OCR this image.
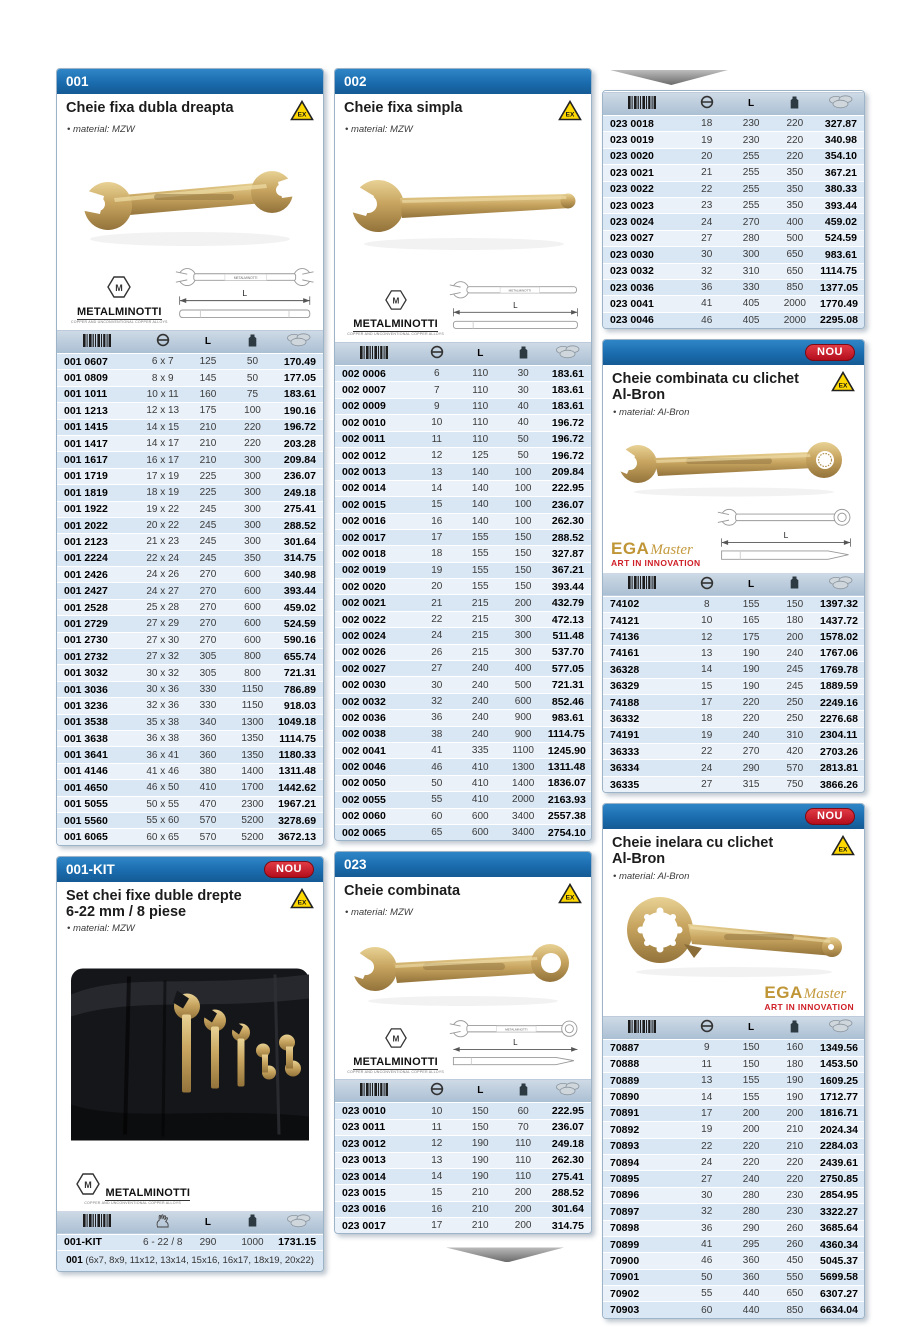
001
Cheie fixa dubla dreapta	EX
• material: MZW
M
METALMINOTTI
COPPER AND UNCONVENTIONAL COPPER ALLOYS
METALMINOTTI
L
		L		
001 0607	6 x 7	125	50	170.49
001 0809	8 x 9	145	50	177.05
001 1011	10 x 11	160	75	183.61
001 1213	12 x 13	175	100	190.16
001 1415	14 x 15	210	220	196.72
001 1417	14 x 17	210	220	203.28
001 1617	16 x 17	210	300	209.84
001 1719	17 x 19	225	300	236.07
001 1819	18 x 19	225	300	249.18
001 1922	19 x 22	245	300	275.41
001 2022	20 x 22	245	300	288.52
001 2123	21 x 23	245	300	301.64
001 2224	22 x 24	245	350	314.75
001 2426	24 x 26	270	600	340.98
001 2427	24 x 27	270	600	393.44
001 2528	25 x 28	270	600	459.02
001 2729	27 x 29	270	600	524.59
001 2730	27 x 30	270	600	590.16
001 2732	27 x 32	305	800	655.74
001 3032	30 x 32	305	800	721.31
001 3036	30 x 36	330	1150	786.89
001 3236	32 x 36	330	1150	918.03
001 3538	35 x 38	340	1300	1049.18
001 3638	36 x 38	360	1350	1114.75
001 3641	36 x 41	360	1350	1180.33
001 4146	41 x 46	380	1400	1311.48
001 4650	46 x 50	410	1700	1442.62
001 5055	50 x 55	470	2300	1967.21
001 5560	55 x 60	570	5200	3278.69
001 6065	60 x 65	570	5200	3672.13
001-KIT	NOU
Set chei fixe duble drepte
6-22 mm / 8 piese
EX
• material: MZW
M
METALMINOTTI
COPPER AND UNCONVENTIONAL COPPER ALLOYS
		L		
001-KIT	6 - 22 / 8	290	1000	1731.15
001 (6x7, 8x9, 11x12, 13x14, 15x16, 16x17, 18x19, 20x22)
002
Cheie fixa simpla	EX
• material: MZW
M
METALMINOTTI
COPPER AND UNCONVENTIONAL COPPER ALLOYS
METALMINOTTI
L
		L		
002 0006	6	110	30	183.61
002 0007	7	110	30	183.61
002 0009	9	110	40	183.61
002 0010	10	110	40	196.72
002 0011	11	110	50	196.72
002 0012	12	125	50	196.72
002 0013	13	140	100	209.84
002 0014	14	140	100	222.95
002 0015	15	140	100	236.07
002 0016	16	140	100	262.30
002 0017	17	155	150	288.52
002 0018	18	155	150	327.87
002 0019	19	155	150	367.21
002 0020	20	155	150	393.44
002 0021	21	215	200	432.79
002 0022	22	215	300	472.13
002 0024	24	215	300	511.48
002 0026	26	215	300	537.70
002 0027	27	240	400	577.05
002 0030	30	240	500	721.31
002 0032	32	240	600	852.46
002 0036	36	240	900	983.61
002 0038	38	240	900	1114.75
002 0041	41	335	1100	1245.90
002 0046	46	410	1300	1311.48
002 0050	50	410	1400	1836.07
002 0055	55	410	2000	2163.93
002 0060	60	600	3400	2557.38
002 0065	65	600	3400	2754.10
023
Cheie combinata	EX
• material: MZW
M
METALMINOTTI
COPPER AND UNCONVENTIONAL COPPER ALLOYS
METALMINOTTI
L
		L		
023 0010	10	150	60	222.95
023 0011	11	150	70	236.07
023 0012	12	190	110	249.18
023 0013	13	190	110	262.30
023 0014	14	190	110	275.41
023 0015	15	210	200	288.52
023 0016	16	210	200	301.64
023 0017	17	210	200	314.75
		L		
023 0018	18	230	220	327.87
023 0019	19	230	220	340.98
023 0020	20	255	220	354.10
023 0021	21	255	350	367.21
023 0022	22	255	350	380.33
023 0023	23	255	350	393.44
023 0024	24	270	400	459.02
023 0027	27	280	500	524.59
023 0030	30	300	650	983.61
023 0032	32	310	650	1114.75
023 0036	36	330	850	1377.05
023 0041	41	405	2000	1770.49
023 0046	46	405	2000	2295.08
NOU
Cheie combinata cu clichet
Al-Bron
EX
• material: Al-Bron
EGAMaster
ART IN INNOVATION
L
		L		
74102	8	155	150	1397.32
74121	10	165	180	1437.72
74136	12	175	200	1578.02
74161	13	190	240	1767.06
36328	14	190	245	1769.78
36329	15	190	245	1889.59
74188	17	220	250	2249.16
36332	18	220	250	2276.68
74191	19	240	310	2304.11
36333	22	270	420	2703.26
36334	24	290	570	2813.81
36335	27	315	750	3866.26
NOU
Cheie inelara cu clichet
Al-Bron
EX
• material: Al-Bron
EGAMaster
ART IN INNOVATION
		L		
70887	9	150	160	1349.56
70888	11	150	180	1453.50
70889	13	155	190	1609.25
70890	14	155	190	1712.77
70891	17	200	200	1816.71
70892	19	200	210	2024.34
70893	22	220	210	2284.03
70894	24	220	220	2439.61
70895	27	240	220	2750.85
70896	30	280	230	2854.95
70897	32	280	230	3322.27
70898	36	290	260	3685.64
70899	41	295	260	4360.34
70900	46	360	450	5045.37
70901	50	360	550	5699.58
70902	55	440	650	6307.27
70903	60	440	850	6634.04
